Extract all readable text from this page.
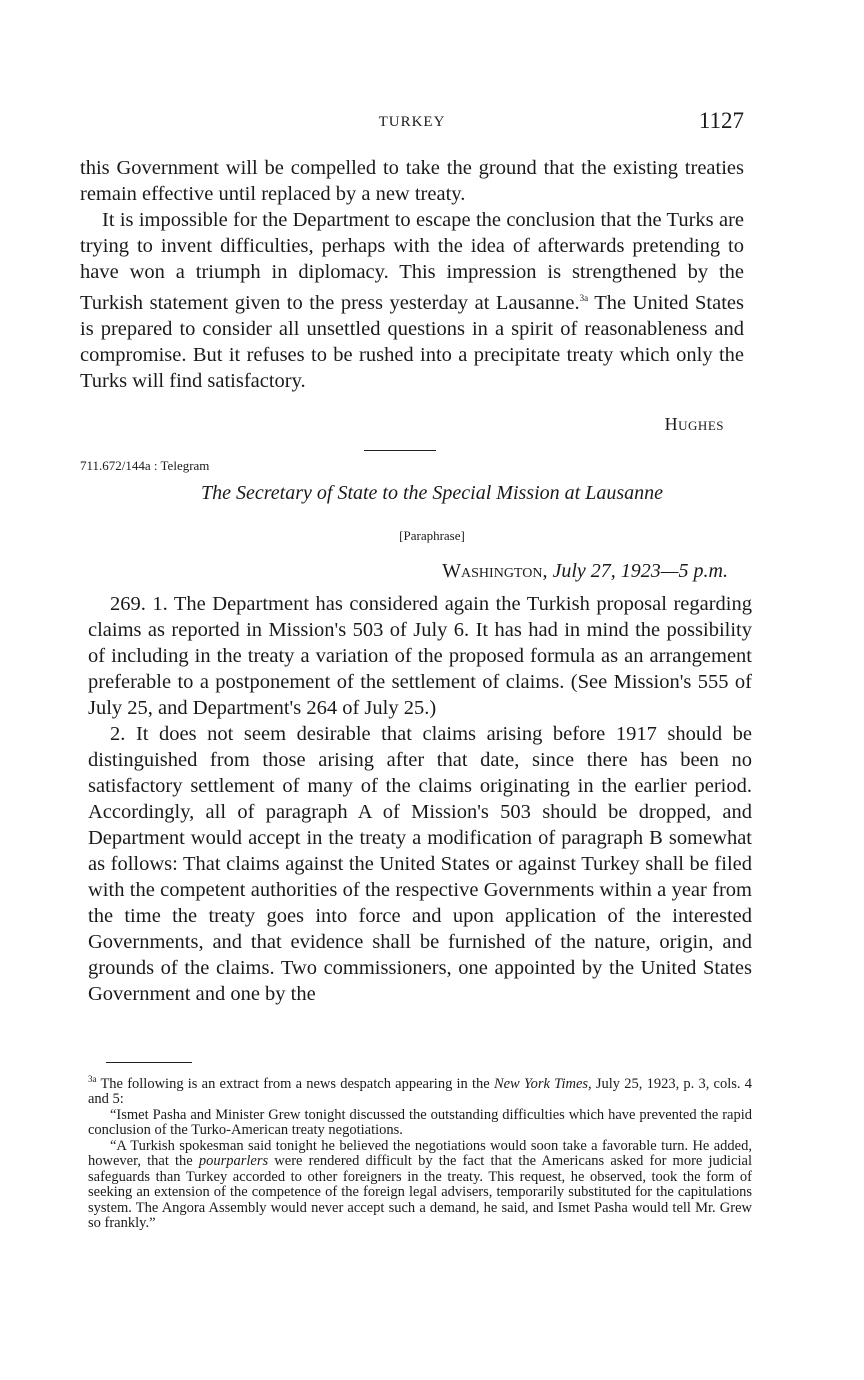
TURKEY	1127

this Government will be compelled to take the ground that the existing treaties remain effective until replaced by a new treaty.

It is impossible for the Department to escape the conclusion that the Turks are trying to invent difficulties, perhaps with the idea of afterwards pretending to have won a triumph in diplomacy. This impression is strengthened by the Turkish statement given to the press yesterday at Lausanne.$^{3a}$ The United States is prepared to consider all unsettled questions in a spirit of reasonableness and compromise. But it refuses to be rushed into a precipitate treaty which only the Turks will find satisfactory.

Hughes
711.672/144a : Telegram
The Secretary of State to the Special Mission at Lausanne
[Paraphrase]
Washington, July 27, 1923—5 p.m.

269. 1. The Department has considered again the Turkish proposal regarding claims as reported in Mission's 503 of July 6. It has had in mind the possibility of including in the treaty a variation of the proposed formula as an arrangement preferable to a postponement of the settlement of claims. (See Mission's 555 of July 25, and Department's 264 of July 25.)

2. It does not seem desirable that claims arising before 1917 should be distinguished from those arising after that date, since there has been no satisfactory settlement of many of the claims originating in the earlier period. Accordingly, all of paragraph A of Mission's 503 should be dropped, and Department would accept in the treaty a modification of paragraph B somewhat as follows: That claims against the United States or against Turkey shall be filed with the competent authorities of the respective Governments within a year from the time the treaty goes into force and upon application of the interested Governments, and that evidence shall be furnished of the nature, origin, and grounds of the claims. Two commissioners, one appointed by the United States Government and one by the

$^{3a}$ The following is an extract from a news despatch appearing in the New York Times, July 25, 1923, p. 3, cols. 4 and 5:

“Ismet Pasha and Minister Grew tonight discussed the outstanding difficulties which have prevented the rapid conclusion of the Turko-American treaty negotiations.

“A Turkish spokesman said tonight he believed the negotiations would soon take a favorable turn. He added, however, that the pourparlers were rendered difficult by the fact that the Americans asked for more judicial safeguards than Turkey accorded to other foreigners in the treaty. This request, he observed, took the form of seeking an extension of the competence of the foreign legal advisers, temporarily substituted for the capitulations system. The Angora Assembly would never accept such a demand, he said, and Ismet Pasha would tell Mr. Grew so frankly.”
